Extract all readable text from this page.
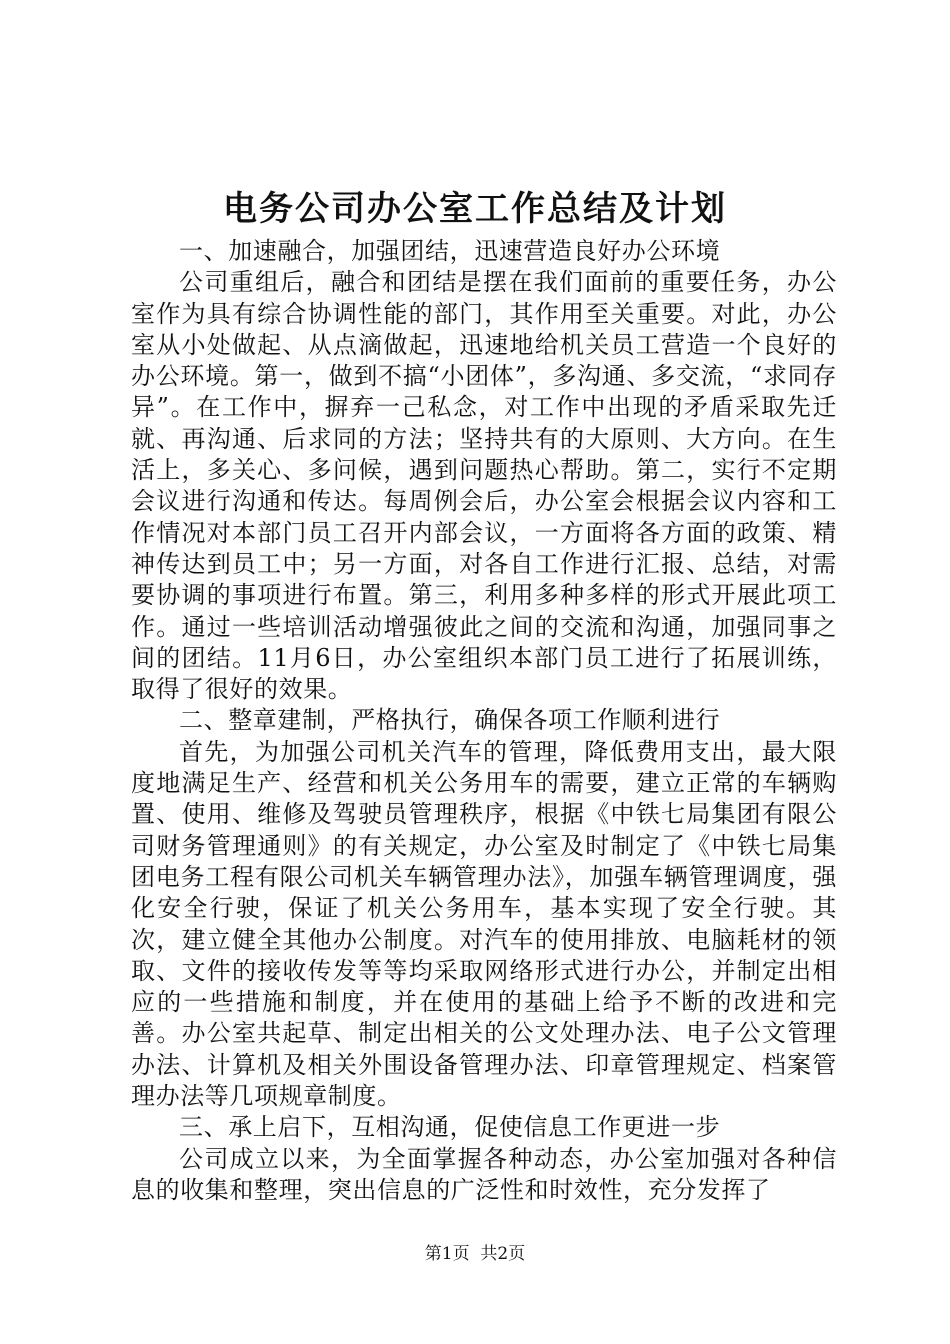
电务公司办公室工作总结及计划

一、加速融合，加强团结，迅速营造良好办公环境

公司重组后，融合和团结是摆在我们面前的重要任务，办公室作为具有综合协调性能的部门，其作用至关重要。对此，办公室从小处做起、从点滴做起，迅速地给机关员工营造一个良好的办公环境。第一，做到不搞“小团体”，多沟通、多交流，“求同存异”。在工作中，摒弃一己私念，对工作中出现的矛盾采取先迁就、再沟通、后求同的方法；坚持共有的大原则、大方向。在生活上，多关心、多问候，遇到问题热心帮助。第二，实行不定期会议进行沟通和传达。每周例会后，办公室会根据会议内容和工作情况对本部门员工召开内部会议，一方面将各方面的政策、精神传达到员工中；另一方面，对各自工作进行汇报、总结，对需要协调的事项进行布置。第三，利用多种多样的形式开展此项工作。通过一些培训活动增强彼此之间的交流和沟通，加强同事之间的团结。11月6日，办公室组织本部门员工进行了拓展训练，取得了很好的效果。

二、整章建制，严格执行，确保各项工作顺利进行

首先，为加强公司机关汽车的管理，降低费用支出，最大限度地满足生产、经营和机关公务用车的需要，建立正常的车辆购置、使用、维修及驾驶员管理秩序，根据《中铁七局集团有限公司财务管理通则》的有关规定，办公室及时制定了《中铁七局集团电务工程有限公司机关车辆管理办法》，加强车辆管理调度，强化安全行驶，保证了机关公务用车，基本实现了安全行驶。其次，建立健全其他办公制度。对汽车的使用排放、电脑耗材的领取、文件的接收传发等等均采取网络形式进行办公，并制定出相应的一些措施和制度，并在使用的基础上给予不断的改进和完善。办公室共起草、制定出相关的公文处理办法、电子公文管理办法、计算机及相关外围设备管理办法、印章管理规定、档案管理办法等几项规章制度。

三、承上启下，互相沟通，促使信息工作更进一步

公司成立以来，为全面掌握各种动态，办公室加强对各种信息的收集和整理，突出信息的广泛性和时效性，充分发挥了

第1页 共2页
